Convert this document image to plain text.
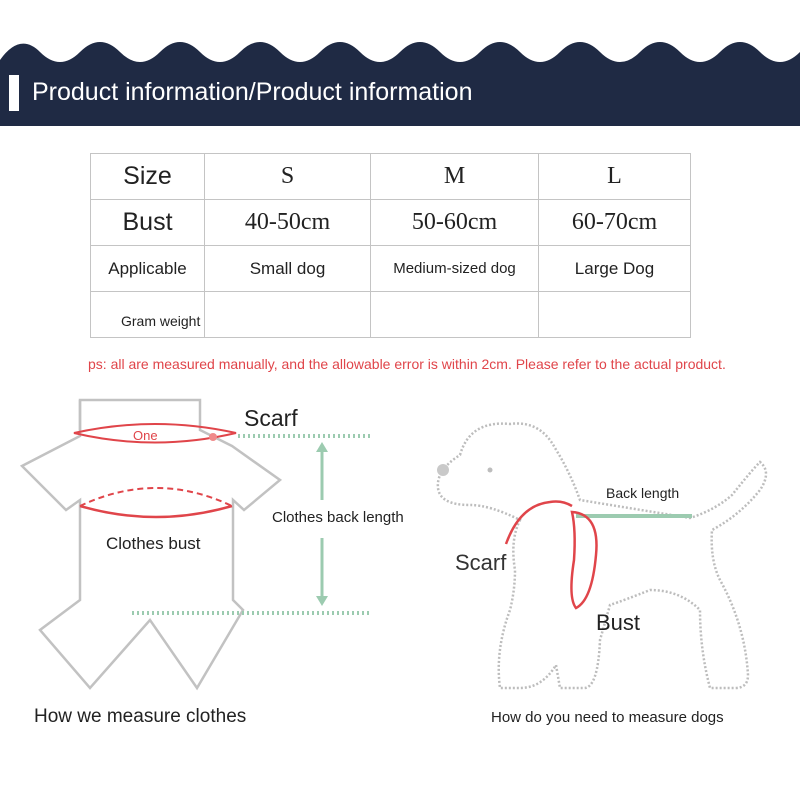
Product information/Product information
Size	S	M	L
Bust	40-50cm	50-60cm	60-70cm
Applicable	Small dog	Medium-sized dog	Large Dog
Gram weight			
ps: all are measured manually, and the allowable error is within 2cm. Please refer to the actual product.
Scarf
One
Clothes back length
Clothes bust
How we measure clothes
Back length
Scarf
Bust
How do you need to measure dogs
